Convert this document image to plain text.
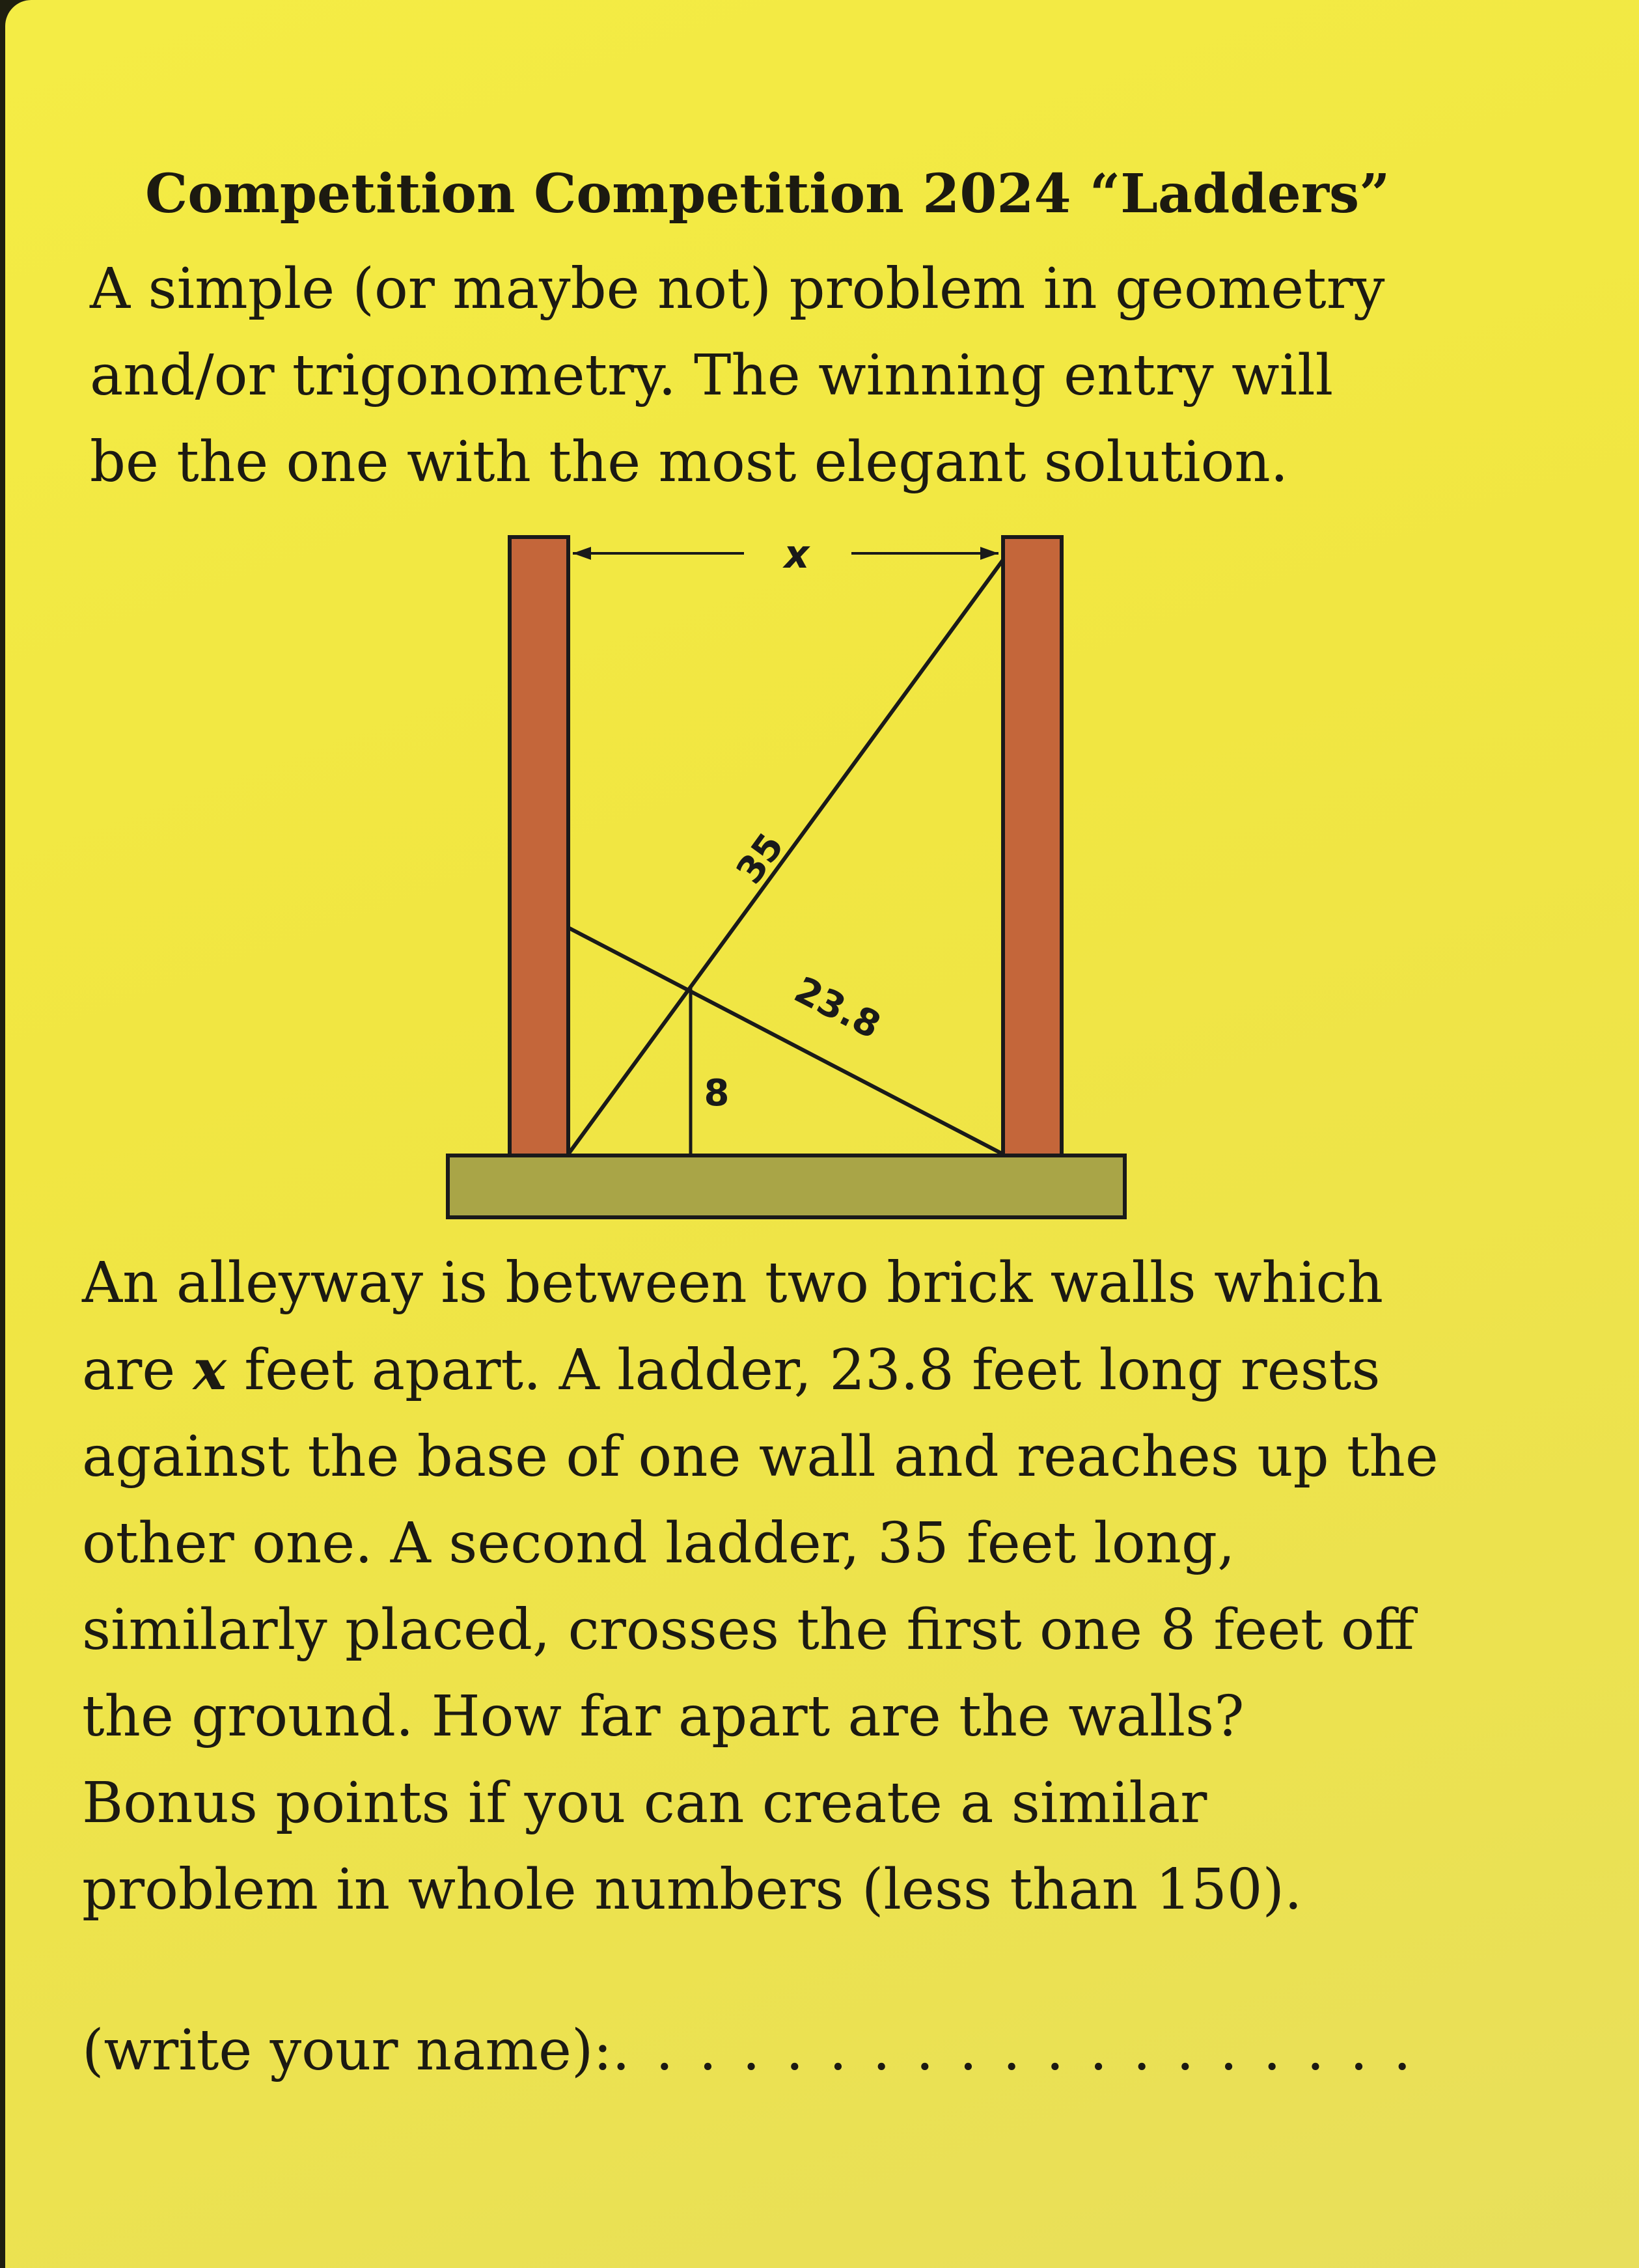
Competition Competition 2024 “Ladders”
A simple (or maybe not) problem in geometry
and/or trigonometry. The winning entry will
be the one with the most elegant solution.
x
35
23.8
8
An alleyway is between two brick walls which
are x feet apart. A ladder, 23.8 feet long rests
against the base of one wall and reaches up the
other one. A second ladder, 35 feet long,
similarly placed, crosses the first one 8 feet off
the ground. How far apart are the walls?
Bonus points if you can create a similar
problem in whole numbers (less than 150).
(write your name):. . . . . . . . . . . . . . . . . . .
